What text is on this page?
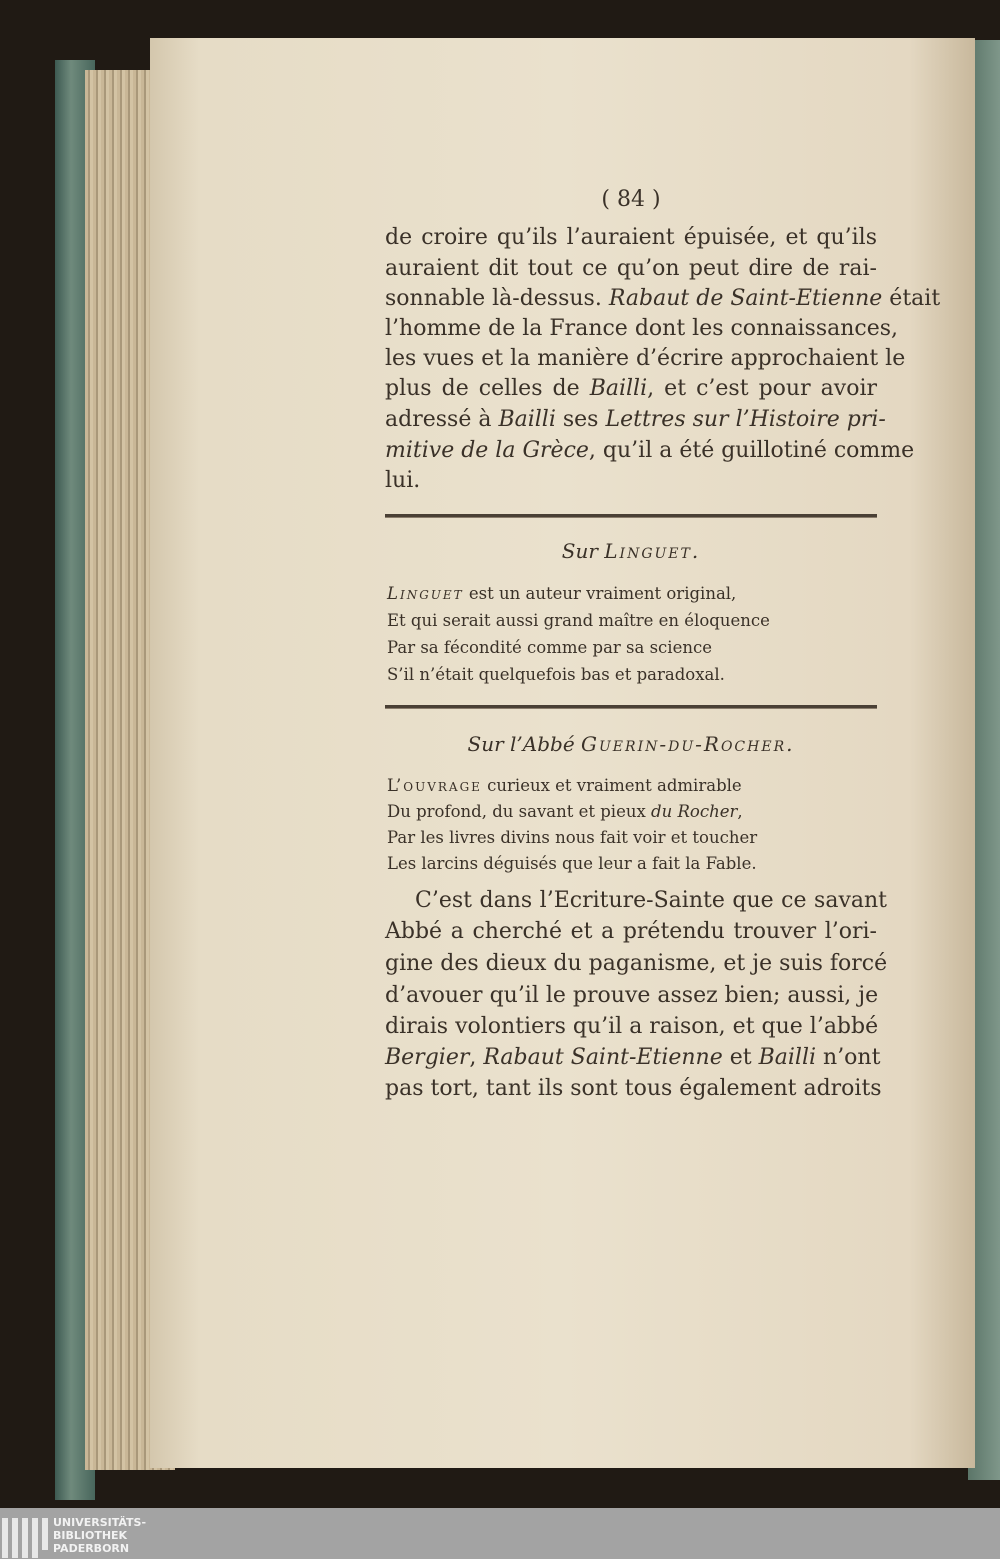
( 84 )
de croire qu’ils l’auraient épuisée, et qu’ils
auraient dit tout ce qu’on peut dire de rai-
sonnable là-dessus. Rabaut de Saint-Etienne était
l’homme de la France dont les connaissances,
les vues et la manière d’écrire approchaient le
plus de celles de Bailli, et c’est pour avoir
adressé à Bailli ses Lettres sur l’Histoire pri-
mitive de la Grèce, qu’il a été guillotiné comme
lui.
Sur Linguet.
Linguet est un auteur vraiment original,
Et qui serait aussi grand maître en éloquence
Par sa fécondité comme par sa science
S’il n’était quelquefois bas et paradoxal.
Sur l’Abbé Guerin-du-Rocher.
L’ouvrage curieux et vraiment admirable
Du profond, du savant et pieux du Rocher,
Par les livres divins nous fait voir et toucher
Les larcins déguisés que leur a fait la Fable.
C’est dans l’Ecriture-Sainte que ce savant
Abbé a cherché et a prétendu trouver l’ori-
gine des dieux du paganisme, et je suis forcé
d’avouer qu’il le prouve assez bien; aussi, je
dirais volontiers qu’il a raison, et que l’abbé
Bergier, Rabaut Saint-Etienne et Bailli n’ont
pas tort, tant ils sont tous également adroits
UNIVERSITÄTS-
BIBLIOTHEK
PADERBORN
